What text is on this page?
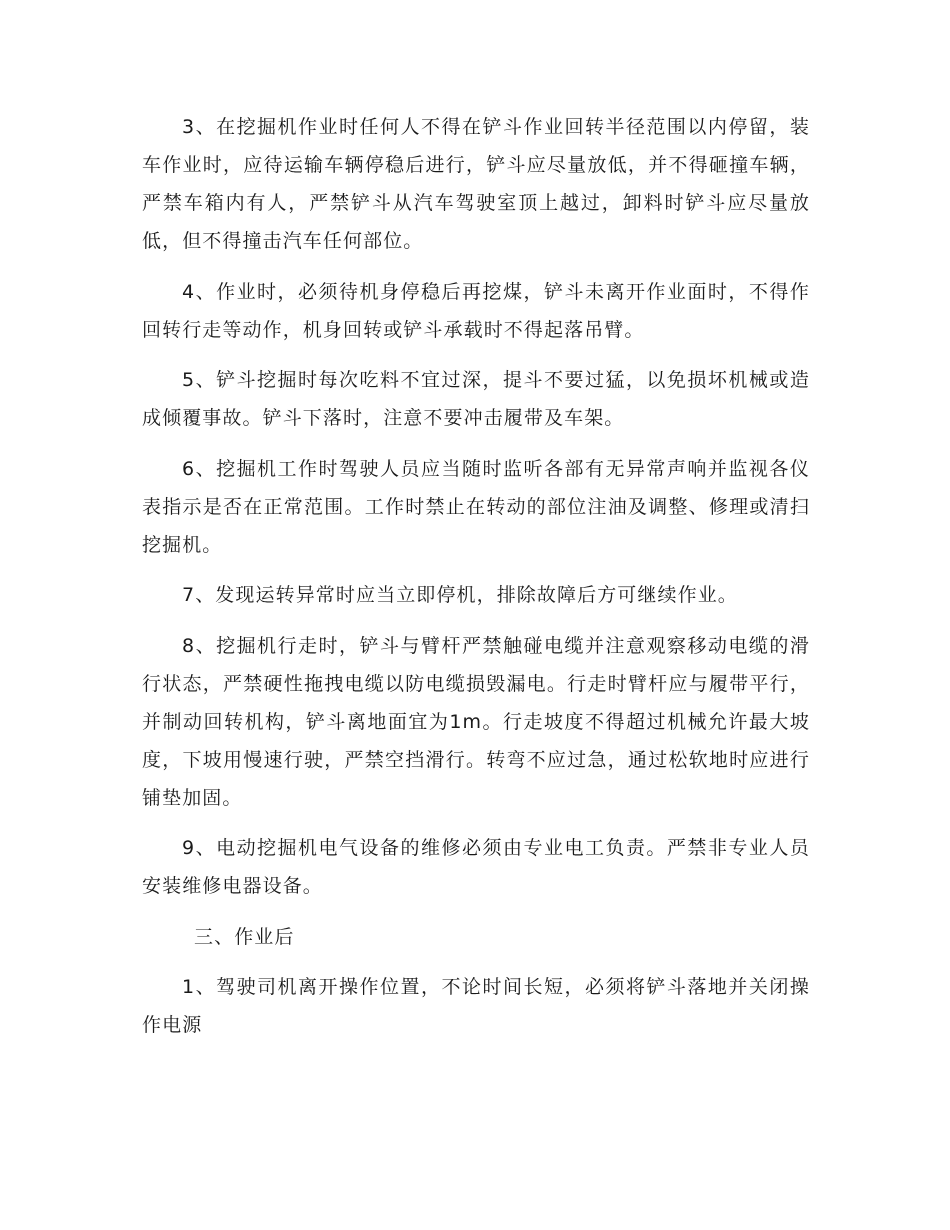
3、在挖掘机作业时任何人不得在铲斗作业回转半径范围以内停留，装车作业时，应待运输车辆停稳后进行，铲斗应尽量放低，并不得砸撞车辆，严禁车箱内有人，严禁铲斗从汽车驾驶室顶上越过，卸料时铲斗应尽量放低，但不得撞击汽车任何部位。

4、作业时，必须待机身停稳后再挖煤，铲斗未离开作业面时，不得作回转行走等动作，机身回转或铲斗承载时不得起落吊臂。

5、铲斗挖掘时每次吃料不宜过深，提斗不要过猛，以免损坏机械或造成倾覆事故。铲斗下落时，注意不要冲击履带及车架。

6、挖掘机工作时驾驶人员应当随时监听各部有无异常声响并监视各仪表指示是否在正常范围。工作时禁止在转动的部位注油及调整、修理或清扫挖掘机。

7、发现运转异常时应当立即停机，排除故障后方可继续作业。

8、挖掘机行走时，铲斗与臂杆严禁触碰电缆并注意观察移动电缆的滑行状态，严禁硬性拖拽电缆以防电缆损毁漏电。行走时臂杆应与履带平行，并制动回转机构，铲斗离地面宜为1m。行走坡度不得超过机械允许最大坡度，下坡用慢速行驶，严禁空挡滑行。转弯不应过急，通过松软地时应进行铺垫加固。

9、电动挖掘机电气设备的维修必须由专业电工负责。严禁非专业人员安装维修电器设备。

三、作业后

1、驾驶司机离开操作位置，不论时间长短，必须将铲斗落地并关闭操作电源
